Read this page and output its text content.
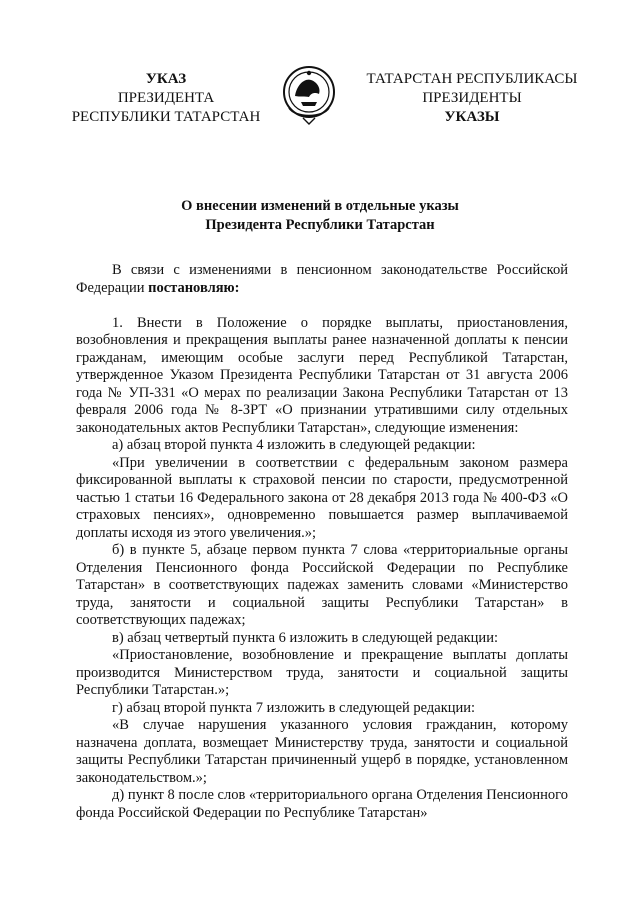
УКАЗ
ПРЕЗИДЕНТА
РЕСПУБЛИКИ ТАТАРСТАН
ТАТАРСТАН РЕСПУБЛИКАСЫ
ПРЕЗИДЕНТЫ
УКАЗЫ
О внесении изменений в отдельные указы
Президента Республики Татарстан

В связи с изменениями в пенсионном законодательстве Российской Федерации постановляю:

1. Внести в Положение о порядке выплаты, приостановления, возобновления и прекращения выплаты ранее назначенной доплаты к пенсии гражданам, имеющим особые заслуги перед Республикой Татарстан, утвержденное Указом Президента Республики Татарстан от 31 августа 2006 года № УП-331 «О мерах по реализации Закона Республики Татарстан от 13 февраля 2006 года № 8-ЗРТ «О признании утратившими силу отдельных законодательных актов Республики Татарстан», следующие изменения:

а) абзац второй пункта 4 изложить в следующей редакции:

«При увеличении в соответствии с федеральным законом размера фиксированной выплаты к страховой пенсии по старости, предусмотренной частью 1 статьи 16 Федерального закона от 28 декабря 2013 года № 400-ФЗ «О страховых пенсиях», одновременно повышается размер выплачиваемой доплаты исходя из этого увеличения.»;

б) в пункте 5, абзаце первом пункта 7 слова «территориальные органы Отделения Пенсионного фонда Российской Федерации по Республике Татарстан» в соответствующих падежах заменить словами «Министерство труда, занятости и социальной защиты Республики Татарстан» в соответствующих падежах;

в) абзац четвертый пункта 6 изложить в следующей редакции:

«Приостановление, возобновление и прекращение выплаты доплаты производится Министерством труда, занятости и социальной защиты Республики Татарстан.»;

г) абзац второй пункта 7 изложить в следующей редакции:

«В случае нарушения указанного условия гражданин, которому назначена доплата, возмещает Министерству труда, занятости и социальной защиты Республики Татарстан причиненный ущерб в порядке, установленном законодательством.»;

д) пункт 8 после слов «территориального органа Отделения Пенсионного фонда Российской Федерации по Республике Татарстан»
